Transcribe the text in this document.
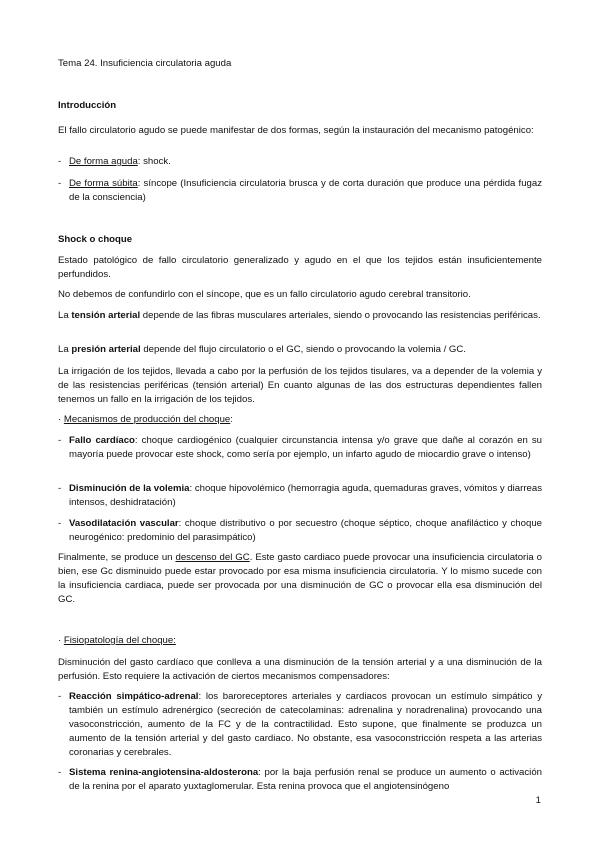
Tema 24. Insuficiencia circulatoria aguda
Introducción

El fallo circulatorio agudo se puede manifestar de dos formas, según la instauración del mecanismo patogénico:

- De forma aguda: shock.
- De forma súbita: síncope (Insuficiencia circulatoria brusca y de corta duración que produce una pérdida fugaz de la consciencia)
Shock o choque

Estado patológico de fallo circulatorio generalizado y agudo en el que los tejidos están insuficientemente perfundidos.

No debemos de confundirlo con el síncope, que es un fallo circulatorio agudo cerebral transitorio.

La tensión arterial depende de las fibras musculares arteriales, siendo o provocando las resistencias periféricas.

La presión arterial depende del flujo circulatorio o el GC, siendo o provocando la volemia / GC.

La irrigación de los tejidos, llevada a cabo por la perfusión de los tejidos tisulares, va a depender de la volemia y de las resistencias periféricas (tensión arterial) En cuanto algunas de las dos estructuras dependientes fallen tenemos un fallo en la irrigación de los tejidos.

· Mecanismos de producción del choque:
- Fallo cardíaco: choque cardiogénico (cualquier circunstancia intensa y/o grave que dañe al corazón en su mayoría puede provocar este shock, como sería por ejemplo, un infarto agudo de miocardio grave o intenso)
- Disminución de la volemia: choque hipovolémico (hemorragia aguda, quemaduras graves, vómitos y diarreas intensos, deshidratación)
- Vasodilatación vascular: choque distributivo o por secuestro (choque séptico, choque anafiláctico y choque neurogénico: predominio del parasimpático)

Finalmente, se produce un descenso del GC. Este gasto cardiaco puede provocar una insuficiencia circulatoria o bien, ese Gc disminuido puede estar provocado por esa misma insuficiencia circulatoria. Y lo mismo sucede con la insuficiencia cardiaca, puede ser provocada por una disminución de GC o provocar ella esa disminución del GC.

· Fisiopatología del choque:

Disminución del gasto cardíaco que conlleva a una disminución de la tensión arterial y a una disminución de la perfusión. Esto requiere la activación de ciertos mecanismos compensadores:

- Reacción simpático-adrenal: los baroreceptores arteriales y cardiacos provocan un estímulo simpático y también un estímulo adrenérgico (secreción de catecolaminas: adrenalina y noradrenalina) provocando una vasoconstricción, aumento de la FC y de la contractilidad. Esto supone, que finalmente se produzca un aumento de la tensión arterial y del gasto cardiaco. No obstante, esa vasoconstricción respeta a las arterias coronarias y cerebrales.
- Sistema renina-angiotensina-aldosterona: por la baja perfusión renal se produce un aumento o activación de la renina por el aparato yuxtaglomerular. Esta renina provoca que el angiotensinógeno
1
